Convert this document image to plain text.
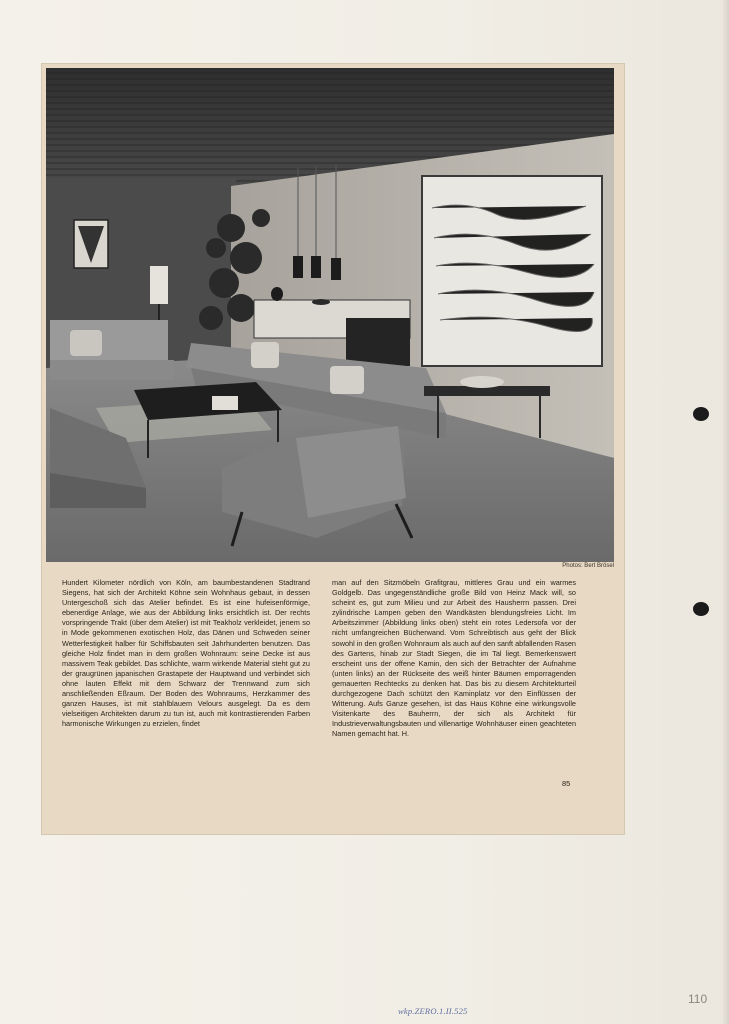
Photos: Bert Brösel

Hundert Kilometer nördlich von Köln, am baumbestandenen Stadtrand Siegens, hat sich der Architekt Köhne sein Wohnhaus gebaut, in dessen Untergeschoß sich das Atelier befindet. Es ist eine hufeisenförmige, ebenerdige Anlage, wie aus der Abbildung links ersichtlich ist. Der rechts vorspringende Trakt (über dem Atelier) ist mit Teakholz verkleidet, jenem so in Mode gekommenen exotischen Holz, das Dänen und Schweden seiner Wetterfestigkeit halber für Schiffsbauten seit Jahrhunderten benutzen. Das gleiche Holz findet man in dem großen Wohnraum: seine Decke ist aus massivem Teak gebildet. Das schlichte, warm wirkende Material steht gut zu der graugrünen japanischen Grastapete der Hauptwand und verbindet sich ohne lauten Effekt mit dem Schwarz der Trennwand zum sich anschließenden Eßraum. Der Boden des Wohnraums, Herzkammer des ganzen Hauses, ist mit stahlblauem Velours ausgelegt. Da es dem vielseitigen Architekten darum zu tun ist, auch mit kontrastierenden Farben harmonische Wirkungen zu erzielen, findet

man auf den Sitzmöbeln Grafitgrau, mittleres Grau und ein warmes Goldgelb. Das ungegenständliche große Bild von Heinz Mack will, so scheint es, gut zum Milieu und zur Arbeit des Hausherrn passen. Drei zylindrische Lampen geben den Wandkästen blendungsfreies Licht. Im Arbeitszimmer (Abbildung links oben) steht ein rotes Ledersofa vor der nicht umfangreichen Bücherwand. Vom Schreibtisch aus geht der Blick sowohl in den großen Wohnraum als auch auf den sanft abfallenden Rasen des Gartens, hinab zur Stadt Siegen, die im Tal liegt. Bemerkenswert erscheint uns der offene Kamin, den sich der Betrachter der Aufnahme (unten links) an der Rückseite des weiß hinter Bäumen emporragenden gemauerten Rechtecks zu denken hat. Das bis zu diesem Architekturteil durchgezogene Dach schützt den Kaminplatz vor den Einflüssen der Witterung. Aufs Ganze gesehen, ist das Haus Köhne eine wirkungsvolle Visitenkarte des Bauherrn, der sich als Architekt für Industrieverwaltungsbauten und villenartige Wohnhäuser einen geachteten Namen gemacht hat. H.

85
wkp.ZERO.1.II.525
110
